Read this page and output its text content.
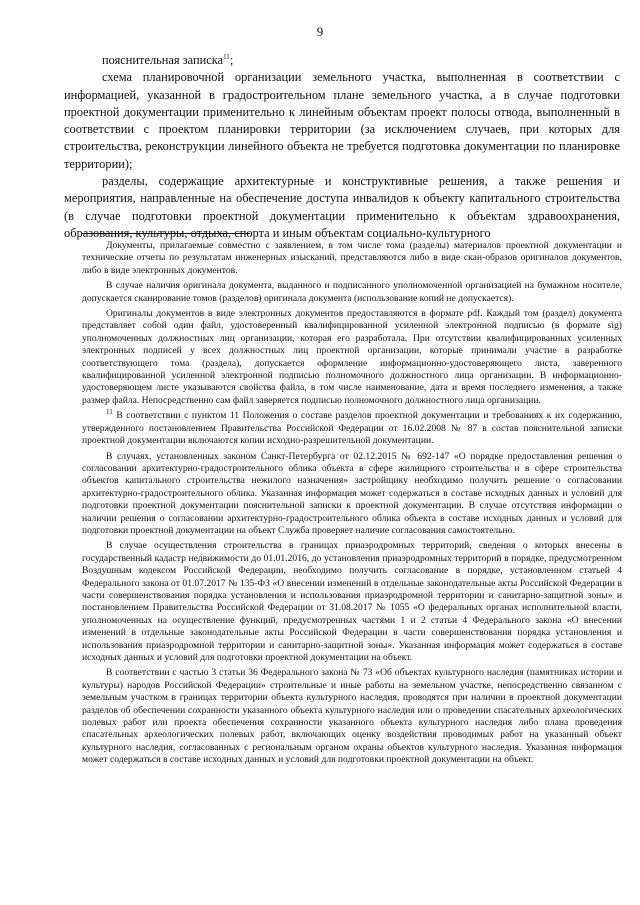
9

пояснительная записка$^{11}$;

схема планировочной организации земельного участка, выполненная в соответствии с информацией, указанной в градостроительном плане земельного участка, а в случае подготовки проектной документации применительно к линейным объектам проект полосы отвода, выполненный в соответствии с проектом планировки территории (за исключением случаев, при которых для строительства, реконструкции линейного объекта не требуется подготовка документации по планировке территории);

разделы, содержащие архитектурные и конструктивные решения, а также решения и мероприятия, направленные на обеспечение доступа инвалидов к объекту капитального строительства (в случае подготовки проектной документации применительно к объектам здравоохранения, образования, культуры, отдыха, спорта и иным объектам социально-культурного

Документы, прилагаемые совместно с заявлением, в том числе тома (разделы) материалов проектной документации и технические отчеты по результатам инженерных изысканий, представляются либо в виде скан-образов оригиналов документов, либо в виде электронных документов.

В случае наличия оригинала документа, выданного и подписанного уполномоченной организацией на бумажном носителе, допускается сканирование томов (разделов) оригинала документа (использование копий не допускается).

Оригиналы документов в виде электронных документов предоставляются в формате pdf. Каждый том (раздел) документа представляет собой один файл, удостоверенный квалифицированной усиленной электронной подписью (в формате sig) уполномоченных должностных лиц организации, которая его разработала. При отсутствии квалифицированных усиленных электронных подписей у всех должностных лиц проектной организации, которые принимали участие в разработке соответствующего тома (раздела), допускается оформление информационно-удостоверяющего листа, заверенного квалифицированной усиленной электронной подписью полномочного должностного лица организации. В информационно-удостоверяющем листе указываются свойства файла, в том числе наименование, дата и время последнего изменения, а также размер файла. Непосредственно сам файл заверяется подписью полномочного должностного лица организации.

$^{11}$ В соответствии с пунктом 11 Положения о составе разделов проектной документации и требованиях к их содержанию, утвержденного постановлением Правительства Российской Федерации от 16.02.2008 № 87 в состав пояснительной записки проектной документации включаются копии исходно-разрешительной документации.

В случаях, установленных законом Санкт-Петербурга от 02.12.2015 № 692-147 «О порядке предоставления решения о согласовании архитектурно-градостроительного облика объекта в сфере жилищного строительства и в сфере строительства объектов капитального строительства нежилого назначения» застройщику необходимо получить решение о согласовании архитектурно-градостроительного облика. Указанная информация может содержаться в составе исходных данных и условий для подготовки проектной документации пояснительной записки к проектной документации. В случае отсутствия информации о наличии решения о согласовании архитектурно-градостроительного облика объекта в составе исходных данных и условий для подготовки проектной документации на объект Служба проверяет наличие согласования самостоятельно.

В случае осуществления строительства в границах приаэродромных территорий, сведения о которых внесены в государственный кадастр недвижимости до 01.01.2016, до установления приаэродромных территорий в порядке, предусмотренном Воздушным кодексом Российской Федерации, необходимо получить согласование в порядке, установленном статьей 4 Федерального закона от 01.07.2017 № 135-ФЗ «О внесении изменений в отдельные законодательные акты Российской Федерации в части совершенствования порядка установления и использования приаэродромной территории и санитарно-защитной зоны» и постановлением Правительства Российской Федерации от 31.08.2017 № 1055 «О федеральных органах исполнительной власти, уполномоченных на осуществление функций, предусмотренных частями 1 и 2 статьи 4 Федерального закона «О внесении изменений в отдельные законодательные акты Российской Федерации в части совершенствования порядка установления и использования приаэродромной территории и санитарно-защитной зоны». Указанная информация может содержаться в составе исходных данных и условий для подготовки проектной документации на объект.

В соответствии с частью 3 статьи 36 Федерального закона № 73 «Об объектах культурного наследия (памятниках истории и культуры) народов Российской Федерации» строительные и иные работы на земельном участке, непосредственно связанном с земельным участком в границах территории объекта культурного наследия, проводятся при наличии в проектной документации разделов об обеспечении сохранности указанного объекта культурного наследия или о проведении спасательных археологических полевых работ или проекта обеспечения сохранности указанного объекта культурного наследия либо плана проведения спасательных археологических полевых работ, включающих оценку воздействия проводимых работ на указанный объект культурного наследия, согласованных с региональным органом охраны объектов культурного наследия. Указанная информация может содержаться в составе исходных данных и условий для подготовки проектной документации на объект.
